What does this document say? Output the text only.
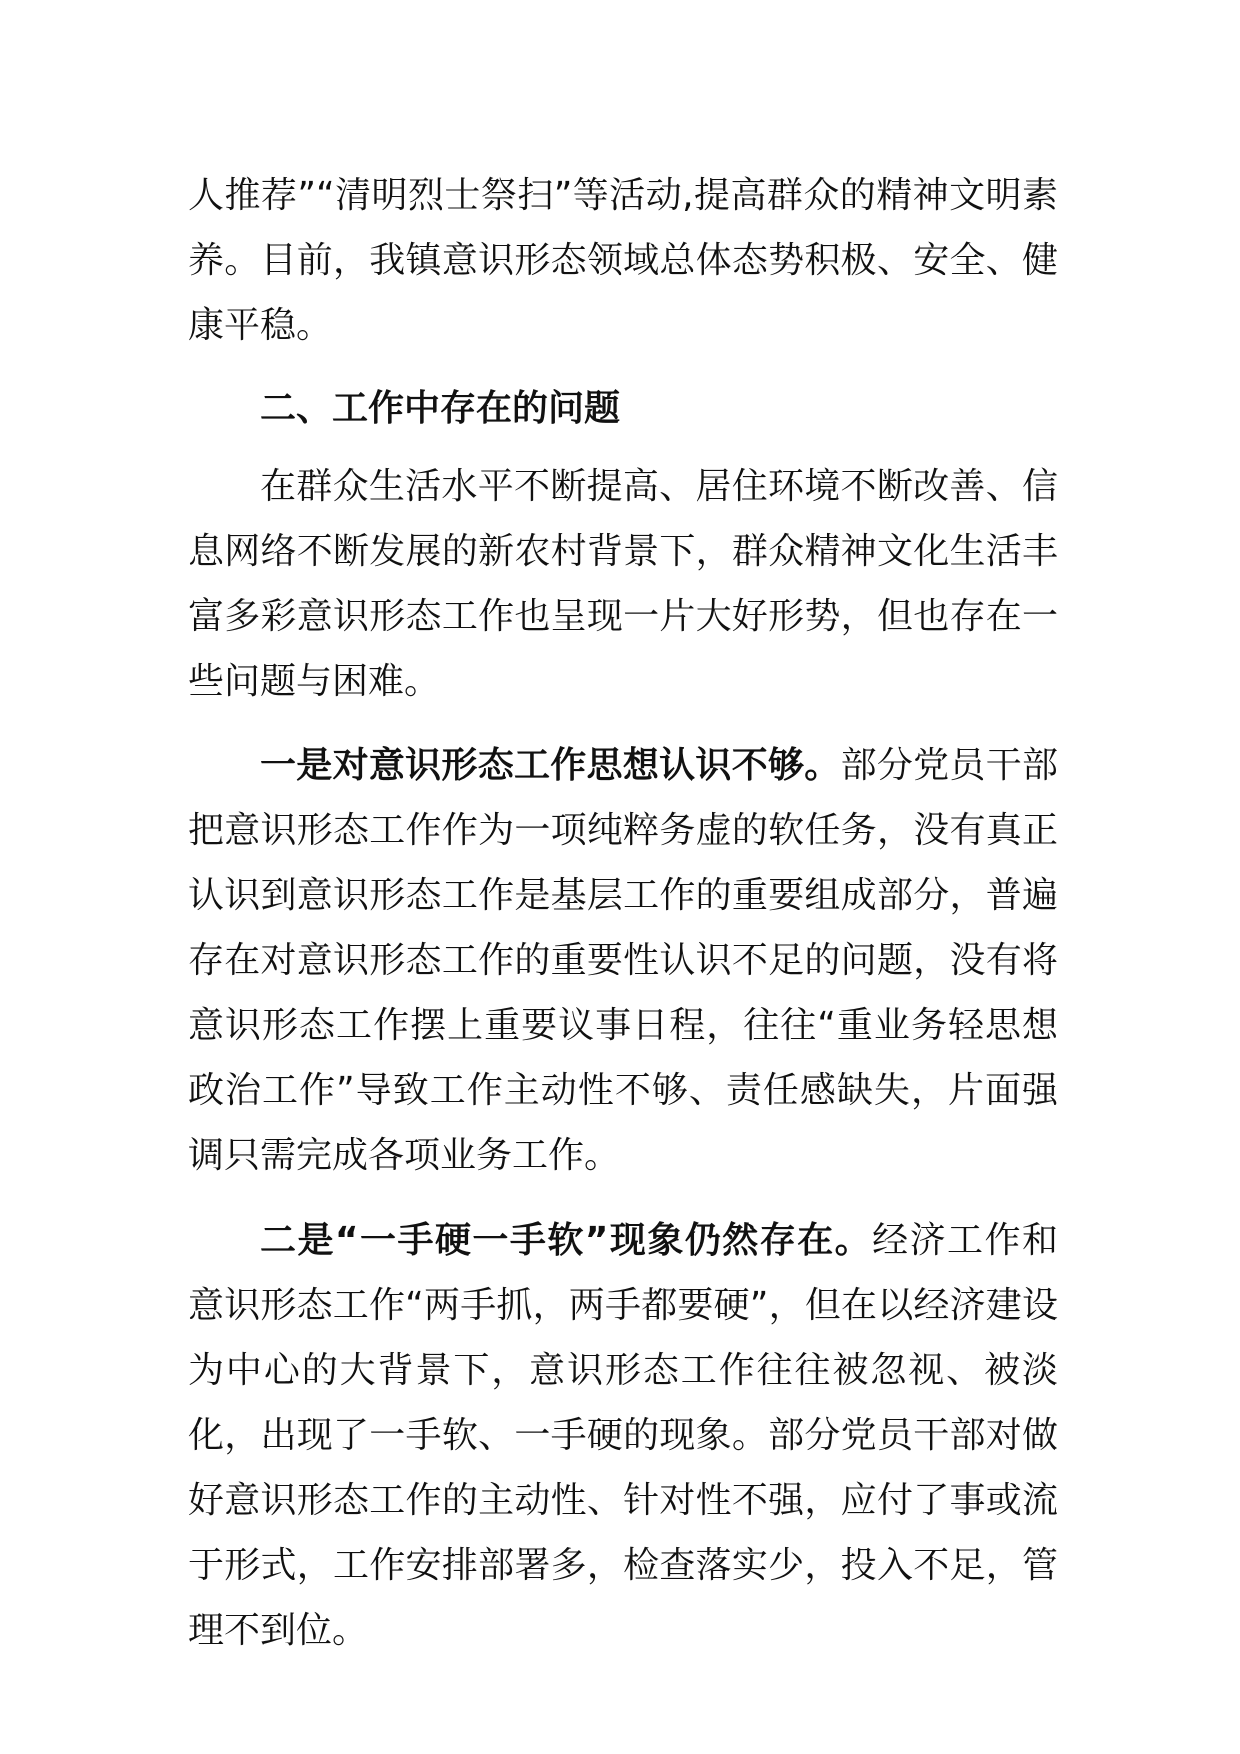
人推荐”“清明烈士祭扫”等活动,提高群众的精神文明素养。目前，我镇意识形态领域总体态势积极、安全、健康平稳。

二、工作中存在的问题

在群众生活水平不断提高、居住环境不断改善、信息网络不断发展的新农村背景下，群众精神文化生活丰富多彩意识形态工作也呈现一片大好形势，但也存在一些问题与困难。

一是对意识形态工作思想认识不够。部分党员干部把意识形态工作作为一项纯粹务虚的软任务，没有真正认识到意识形态工作是基层工作的重要组成部分，普遍存在对意识形态工作的重要性认识不足的问题，没有将意识形态工作摆上重要议事日程，往往“重业务轻思想政治工作”导致工作主动性不够、责任感缺失，片面强调只需完成各项业务工作。

二是“一手硬一手软”现象仍然存在。经济工作和意识形态工作“两手抓，两手都要硬”，但在以经济建设为中心的大背景下，意识形态工作往往被忽视、被淡化，出现了一手软、一手硬的现象。部分党员干部对做好意识形态工作的主动性、针对性不强，应付了事或流于形式，工作安排部署多，检查落实少，投入不足，管理不到位。
